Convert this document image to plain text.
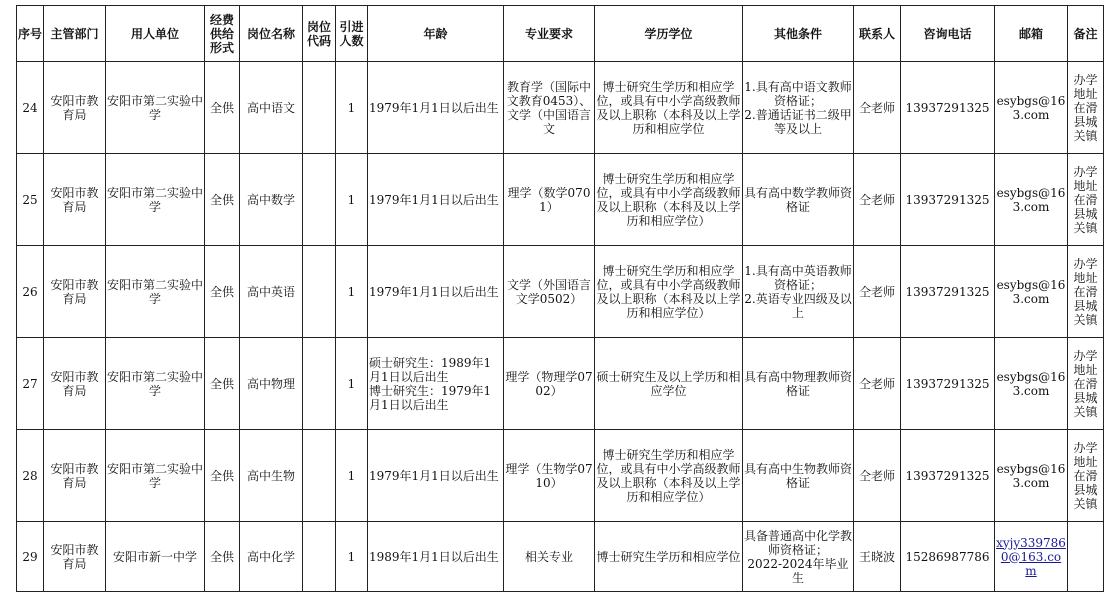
序号	主管部门	用人单位	经费供给形式	岗位名称	岗位代码	引进人数	年龄	专业要求	学历学位	其他条件	联系人	咨询电话	邮箱	备注
24	安阳市教育局	安阳市第二实验中学	全供	高中语文		1	1979年1月1日以后出生	教育学（国际中文教育0453）、文学（中国语言文	博士研究生学历和相应学位，或具有中小学高级教师及以上职称（本科及以上学历和相应学位	1.具有高中语文教师资格证；
2.普通话证书二级甲等及以上	仝老师	13937291325	esybgs@163.com	办学地址在滑县城关镇
25	安阳市教育局	安阳市第二实验中学	全供	高中数学		1	1979年1月1日以后出生	理学（数学0701）	博士研究生学历和相应学位，或具有中小学高级教师及以上职称（本科及以上学历和相应学位）	具有高中数学教师资格证	仝老师	13937291325	esybgs@163.com	办学地址在滑县城关镇
26	安阳市教育局	安阳市第二实验中学	全供	高中英语		1	1979年1月1日以后出生	文学（外国语言文学0502）	博士研究生学历和相应学位，或具有中小学高级教师及以上职称（本科及以上学历和相应学位）	1.具有高中英语教师资格证；
2.英语专业四级及以上	仝老师	13937291325	esybgs@163.com	办学地址在滑县城关镇
27	安阳市教育局	安阳市第二实验中学	全供	高中物理		1	硕士研究生：1989年1月1日以后出生
博士研究生：1979年1月1日以后出生	理学（物理学0702）	硕士研究生及以上学历和相应学位	具有高中物理教师资格证	仝老师	13937291325	esybgs@163.com	办学地址在滑县城关镇
28	安阳市教育局	安阳市第二实验中学	全供	高中生物		1	1979年1月1日以后出生	理学（生物学0710）	博士研究生学历和相应学位，或具有中小学高级教师及以上职称（本科及以上学历和相应学位）	具有高中生物教师资格证	仝老师	13937291325	esybgs@163.com	办学地址在滑县城关镇
29	安阳市教育局	安阳市新一中学	全供	高中化学		1	1989年1月1日以后出生	相关专业	博士研究生学历和相应学位	具备普通高中化学教师资格证；
2022-2024年毕业生	王晓波	15286987786	xyjy3397860@163.com	
